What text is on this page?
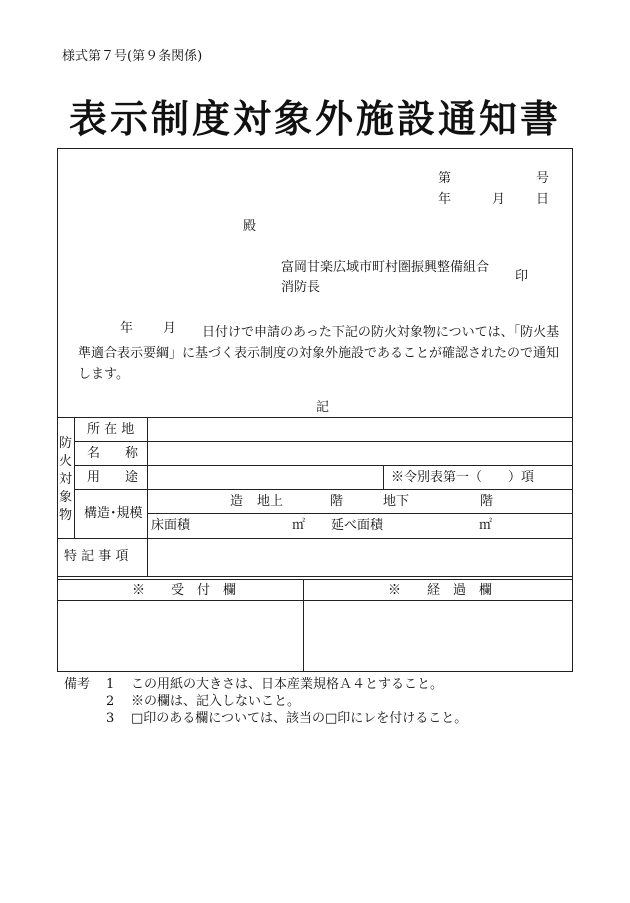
様式第７号(第９条関係)
表示制度対象外施設通知書
第	号
年	月 日
殿
富岡甘楽広域市町村圏振興整備組合
消防長
印
年 月	日付けで申請のあった下記の防火対象物については、「防火基準適合表示要綱」に基づく表示制度の対象外施設であることが確認されたので通知します。
記
防
火
対
象
物
所 在 地
名 称
用 途	※令別表第一（　　）項
構造･規模
造 地上	階	地下	階
床面積	㎡ 延べ面積	㎡
特 記 事 項
※　　受　付　欄	※　　経　過　欄
備考 1 この用紙の大きさは、日本産業規格Ａ４とすること。
2 ※の欄は、記入しないこと。
3 □印のある欄については、該当の□印にレを付けること。
